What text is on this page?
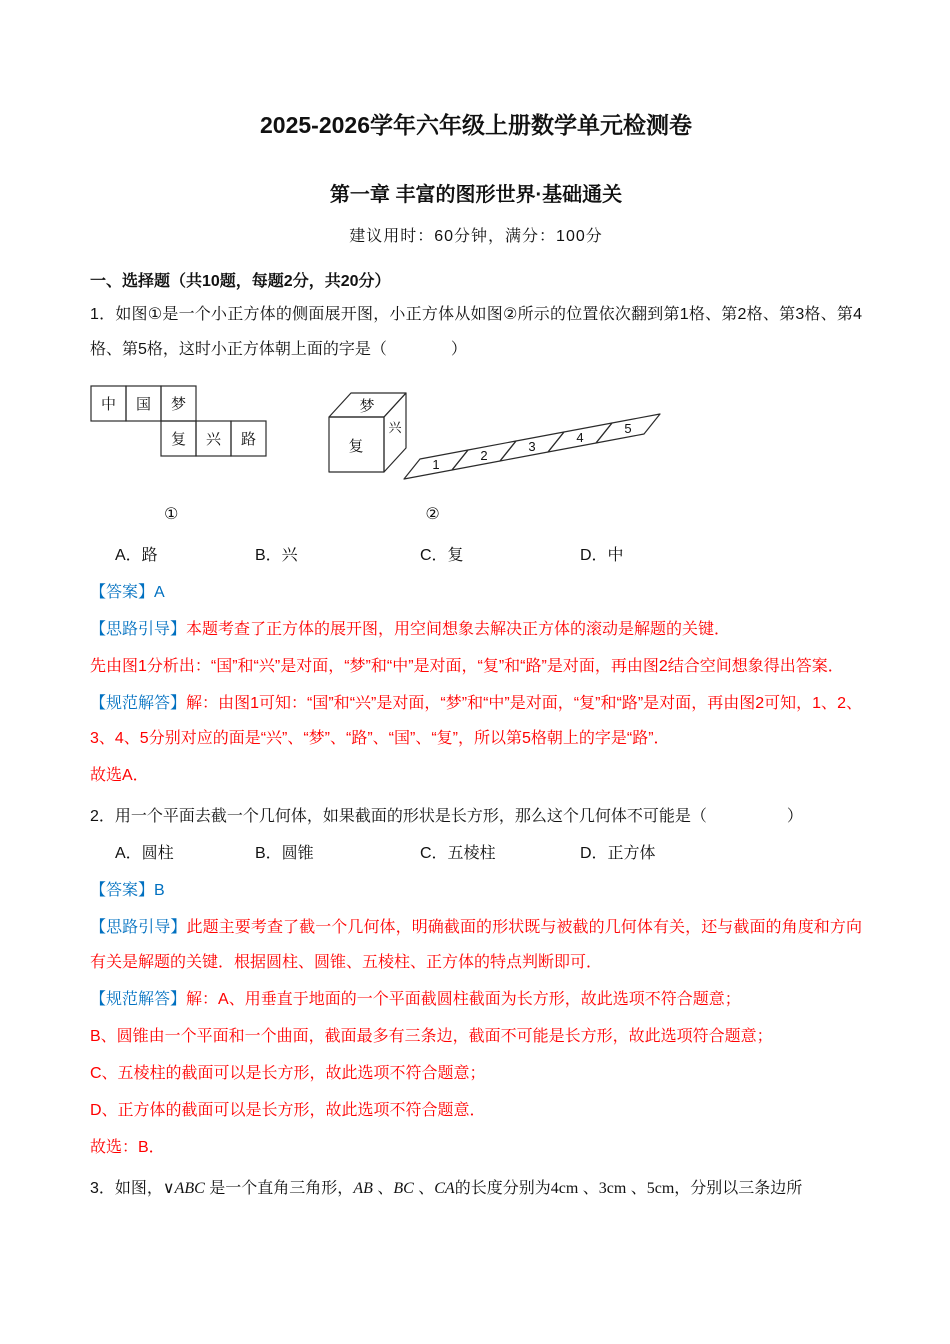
2025-2026学年六年级上册数学单元检测卷
第一章 丰富的图形世界·基础通关

建议用时：60分钟，满分：100分

一、选择题（共10题，每题2分，共20分）

1．如图①是一个小正方体的侧面展开图，小正方体从如图②所示的位置依次翻到第1格、第2格、第3格、第4格、第5格，这时小正方体朝上面的字是（　　　　）

中 国 梦
复 兴 路
梦
复
兴
1
2
3
4
5
①	②
A．路	B．兴	C．复	D．中

【答案】A

【思路引导】本题考查了正方体的展开图，用空间想象去解决正方体的滚动是解题的关键．

先由图1分析出：“国”和“兴”是对面，“梦”和“中”是对面，“复”和“路”是对面，再由图2结合空间想象得出答案．

【规范解答】解：由图1可知：“国”和“兴”是对面，“梦”和“中”是对面，“复”和“路”是对面，再由图2可知，1、2、3、4、5分别对应的面是“兴”、“梦”、“路”、“国”、“复”，所以第5格朝上的字是“路”．

故选A．

2．用一个平面去截一个几何体，如果截面的形状是长方形，那么这个几何体不可能是（　　　　　）

A．圆柱	B．圆锥	C．五棱柱	D．正方体

【答案】B

【思路引导】此题主要考查了截一个几何体，明确截面的形状既与被截的几何体有关，还与截面的角度和方向有关是解题的关键．根据圆柱、圆锥、五棱柱、正方体的特点判断即可．

【规范解答】解：A、用垂直于地面的一个平面截圆柱截面为长方形，故此选项不符合题意；

B、圆锥由一个平面和一个曲面，截面最多有三条边，截面不可能是长方形，故此选项符合题意；

C、五棱柱的截面可以是长方形，故此选项不符合题意；

D、正方体的截面可以是长方形，故此选项不符合题意．

故选：B．

3．如图，∨ABC 是一个直角三角形，AB 、BC 、CA的长度分别为4cm 、3cm 、5cm，分别以三条边所
